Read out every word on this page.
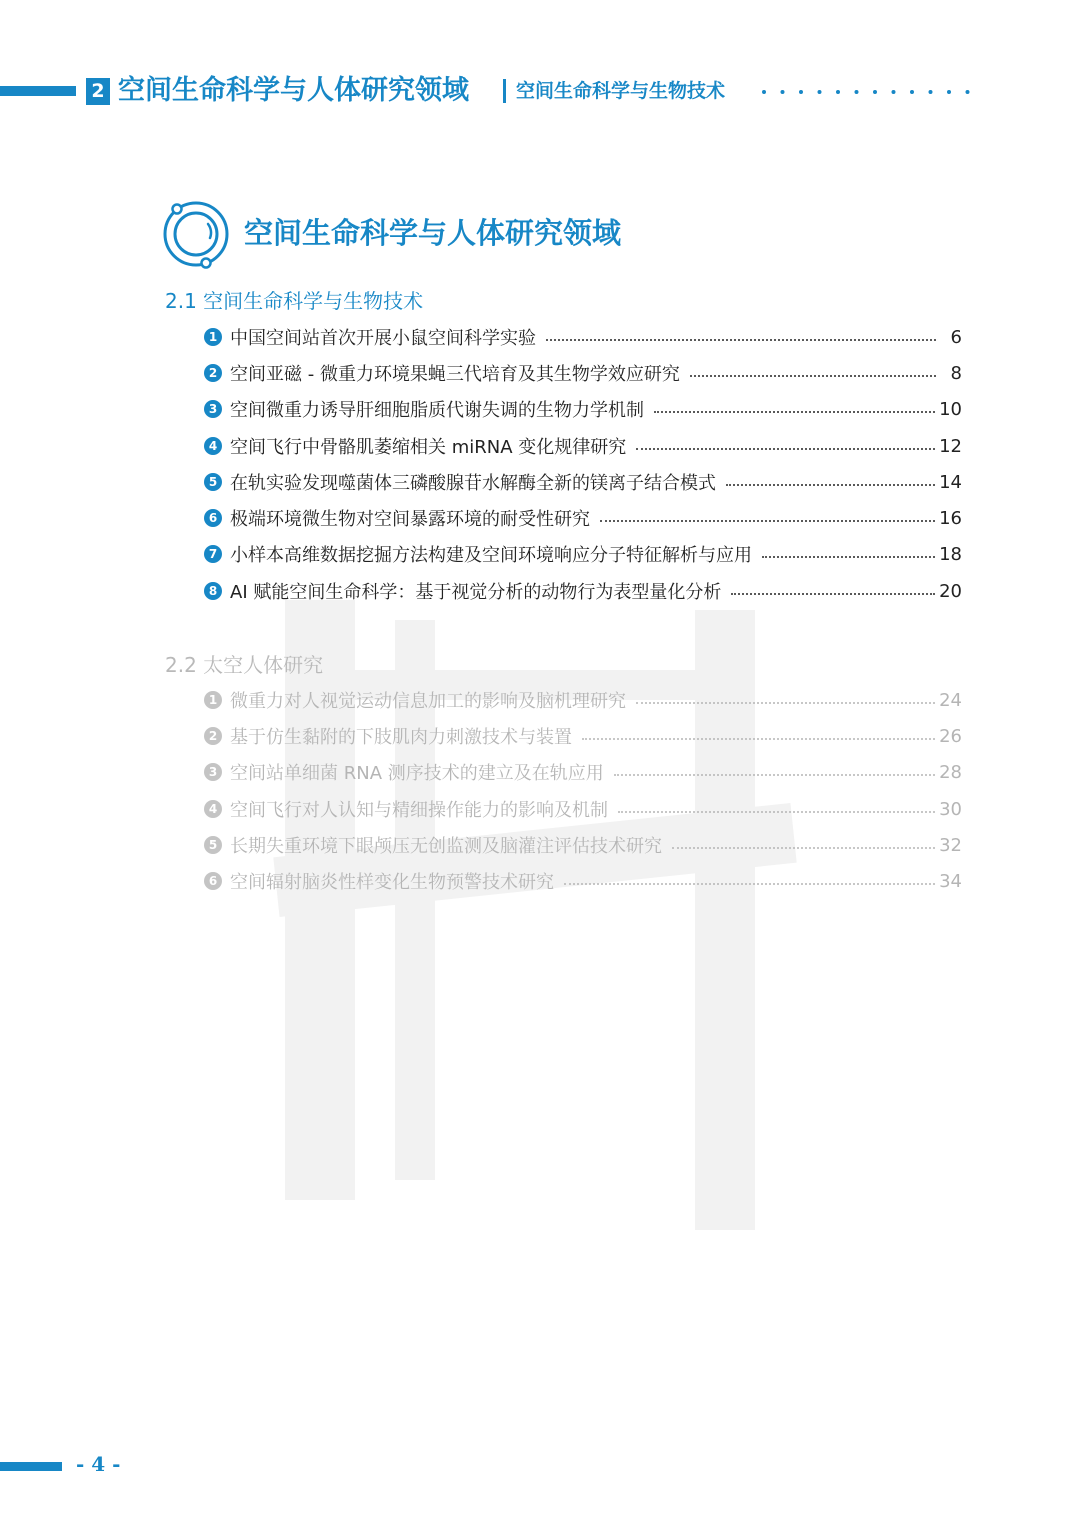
2 空间生命科学与人体研究领域 空间生命科学与生物技术
空间生命科学与人体研究领域
2.1 空间生命科学与生物技术
1 中国空间站首次开展小鼠空间科学实验	6
2 空间亚磁 - 微重力环境果蝇三代培育及其生物学效应研究	8
3 空间微重力诱导肝细胞脂质代谢失调的生物力学机制	10
4 空间飞行中骨骼肌萎缩相关 miRNA 变化规律研究	12
5 在轨实验发现噬菌体三磷酸腺苷水解酶全新的镁离子结合模式	14
6 极端环境微生物对空间暴露环境的耐受性研究	16
7 小样本高维数据挖掘方法构建及空间环境响应分子特征解析与应用	18
8 AI 赋能空间生命科学：基于视觉分析的动物行为表型量化分析	20
2.2 太空人体研究
1 微重力对人视觉运动信息加工的影响及脑机理研究	24
2 基于仿生黏附的下肢肌肉力刺激技术与装置	26
3 空间站单细菌 RNA 测序技术的建立及在轨应用	28
4 空间飞行对人认知与精细操作能力的影响及机制	30
5 长期失重环境下眼颅压无创监测及脑灌注评估技术研究	32
6 空间辐射脑炎性样变化生物预警技术研究	34
- 4 -
